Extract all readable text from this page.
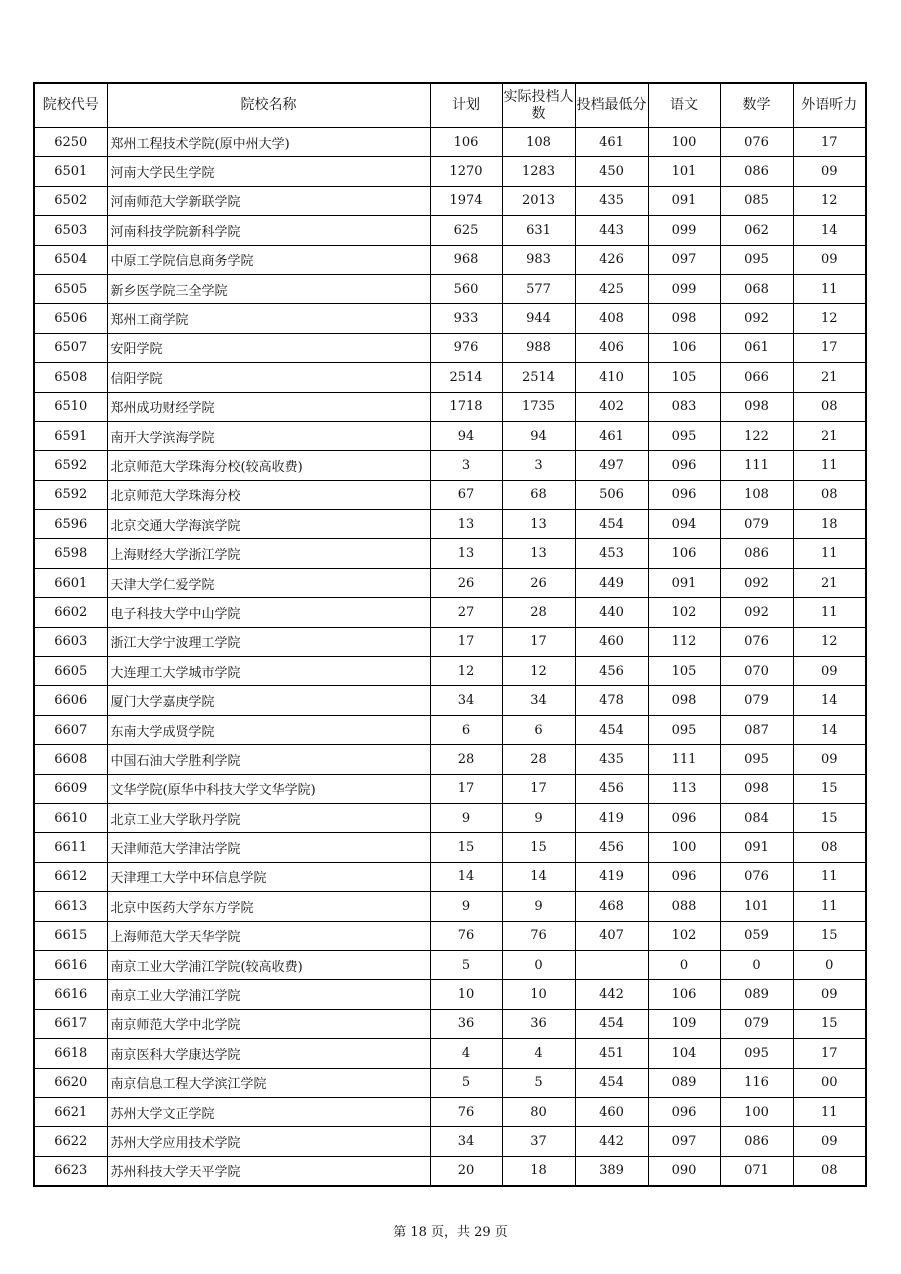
院校代号	院校名称	计划	实际投档人数	投档最低分	语文	数学	外语听力
6250	郑州工程技术学院(原中州大学)	106	108	461	100	076	17
6501	河南大学民生学院	1270	1283	450	101	086	09
6502	河南师范大学新联学院	1974	2013	435	091	085	12
6503	河南科技学院新科学院	625	631	443	099	062	14
6504	中原工学院信息商务学院	968	983	426	097	095	09
6505	新乡医学院三全学院	560	577	425	099	068	11
6506	郑州工商学院	933	944	408	098	092	12
6507	安阳学院	976	988	406	106	061	17
6508	信阳学院	2514	2514	410	105	066	21
6510	郑州成功财经学院	1718	1735	402	083	098	08
6591	南开大学滨海学院	94	94	461	095	122	21
6592	北京师范大学珠海分校(较高收费)	3	3	497	096	111	11
6592	北京师范大学珠海分校	67	68	506	096	108	08
6596	北京交通大学海滨学院	13	13	454	094	079	18
6598	上海财经大学浙江学院	13	13	453	106	086	11
6601	天津大学仁爱学院	26	26	449	091	092	21
6602	电子科技大学中山学院	27	28	440	102	092	11
6603	浙江大学宁波理工学院	17	17	460	112	076	12
6605	大连理工大学城市学院	12	12	456	105	070	09
6606	厦门大学嘉庚学院	34	34	478	098	079	14
6607	东南大学成贤学院	6	6	454	095	087	14
6608	中国石油大学胜利学院	28	28	435	111	095	09
6609	文华学院(原华中科技大学文华学院)	17	17	456	113	098	15
6610	北京工业大学耿丹学院	9	9	419	096	084	15
6611	天津师范大学津沽学院	15	15	456	100	091	08
6612	天津理工大学中环信息学院	14	14	419	096	076	11
6613	北京中医药大学东方学院	9	9	468	088	101	11
6615	上海师范大学天华学院	76	76	407	102	059	15
6616	南京工业大学浦江学院(较高收费)	5	0		0	0	0
6616	南京工业大学浦江学院	10	10	442	106	089	09
6617	南京师范大学中北学院	36	36	454	109	079	15
6618	南京医科大学康达学院	4	4	451	104	095	17
6620	南京信息工程大学滨江学院	5	5	454	089	116	00
6621	苏州大学文正学院	76	80	460	096	100	11
6622	苏州大学应用技术学院	34	37	442	097	086	09
6623	苏州科技大学天平学院	20	18	389	090	071	08
第 18 页，共 29 页
